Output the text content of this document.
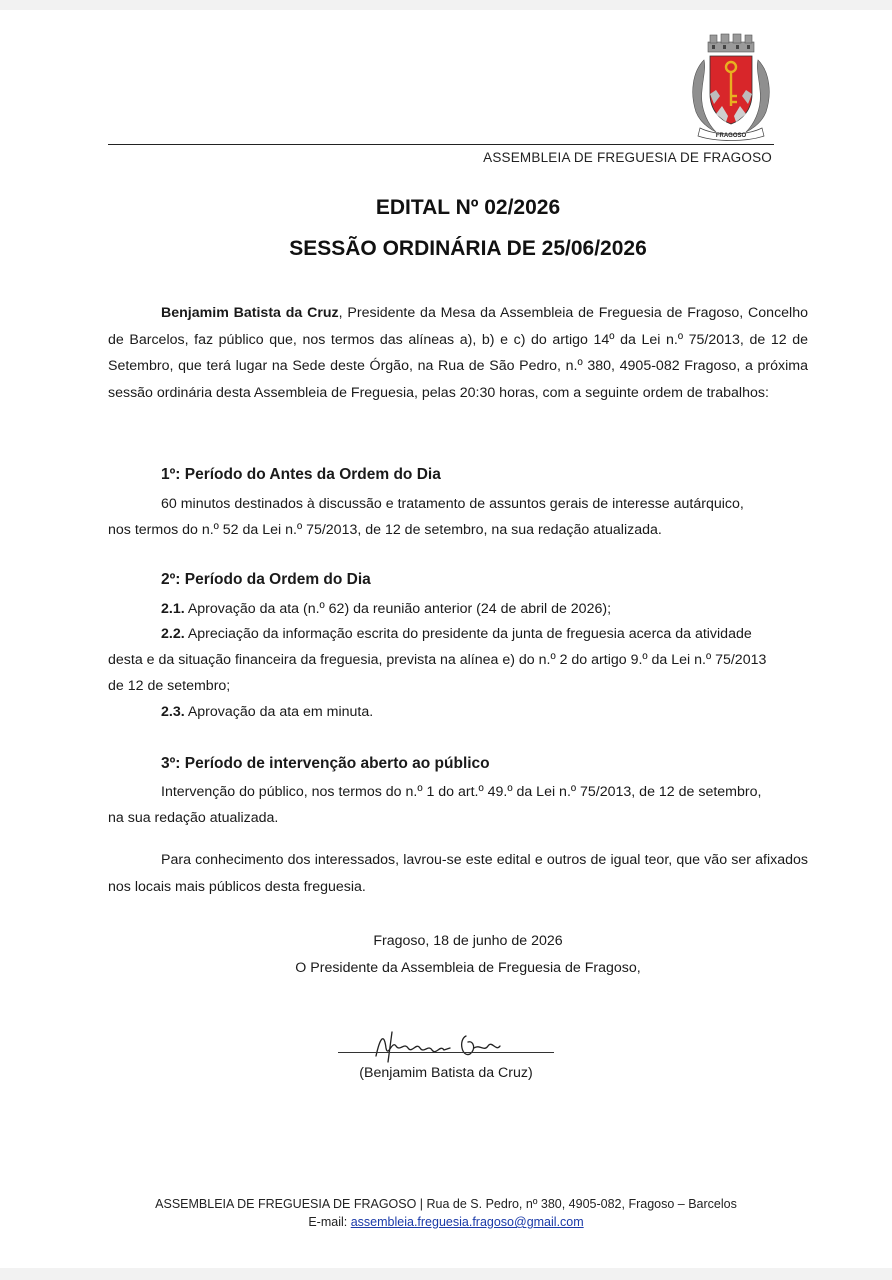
FRAGOSO
ASSEMBLEIA DE FREGUESIA DE FRAGOSO
EDITAL Nº 02/2026
SESSÃO ORDINÁRIA DE 25/06/2026
Benjamim Batista da Cruz, Presidente da Mesa da Assembleia de Freguesia de Fragoso, Concelho de Barcelos, faz público que, nos termos das alíneas a), b) e c) do artigo 14º da Lei n.º 75/2013, de 12 de Setembro, que terá lugar na Sede deste Órgão, na Rua de São Pedro, n.º 380, 4905-082 Fragoso, a próxima sessão ordinária desta Assembleia de Freguesia, pelas 20:30 horas, com a seguinte ordem de trabalhos:
1º: Período do Antes da Ordem do Dia
60 minutos destinados à discussão e tratamento de assuntos gerais de interesse autárquico,
nos termos do n.º 52 da Lei n.º 75/2013, de 12 de setembro, na sua redação atualizada.
2º: Período da Ordem do Dia
2.1. Aprovação da ata (n.º 62) da reunião anterior (24 de abril de 2026);
2.2. Apreciação da informação escrita do presidente da junta de freguesia acerca da atividade
desta e da situação financeira da freguesia, prevista na alínea e) do n.º 2 do artigo 9.º da Lei n.º 75/2013
de 12 de setembro;
2.3. Aprovação da ata em minuta.
3º: Período de intervenção aberto ao público
Intervenção do público, nos termos do n.º 1 do art.º 49.º da Lei n.º 75/2013, de 12 de setembro,
na sua redação atualizada.
Para conhecimento dos interessados, lavrou-se este edital e outros de igual teor, que vão ser afixados nos locais mais públicos desta freguesia.
Fragoso, 18 de junho de 2026
O Presidente da Assembleia de Freguesia de Fragoso,
(Benjamim Batista da Cruz)
ASSEMBLEIA DE FREGUESIA DE FRAGOSO | Rua de S. Pedro, nº 380, 4905-082, Fragoso – Barcelos
E-mail: assembleia.freguesia.fragoso@gmail.com
